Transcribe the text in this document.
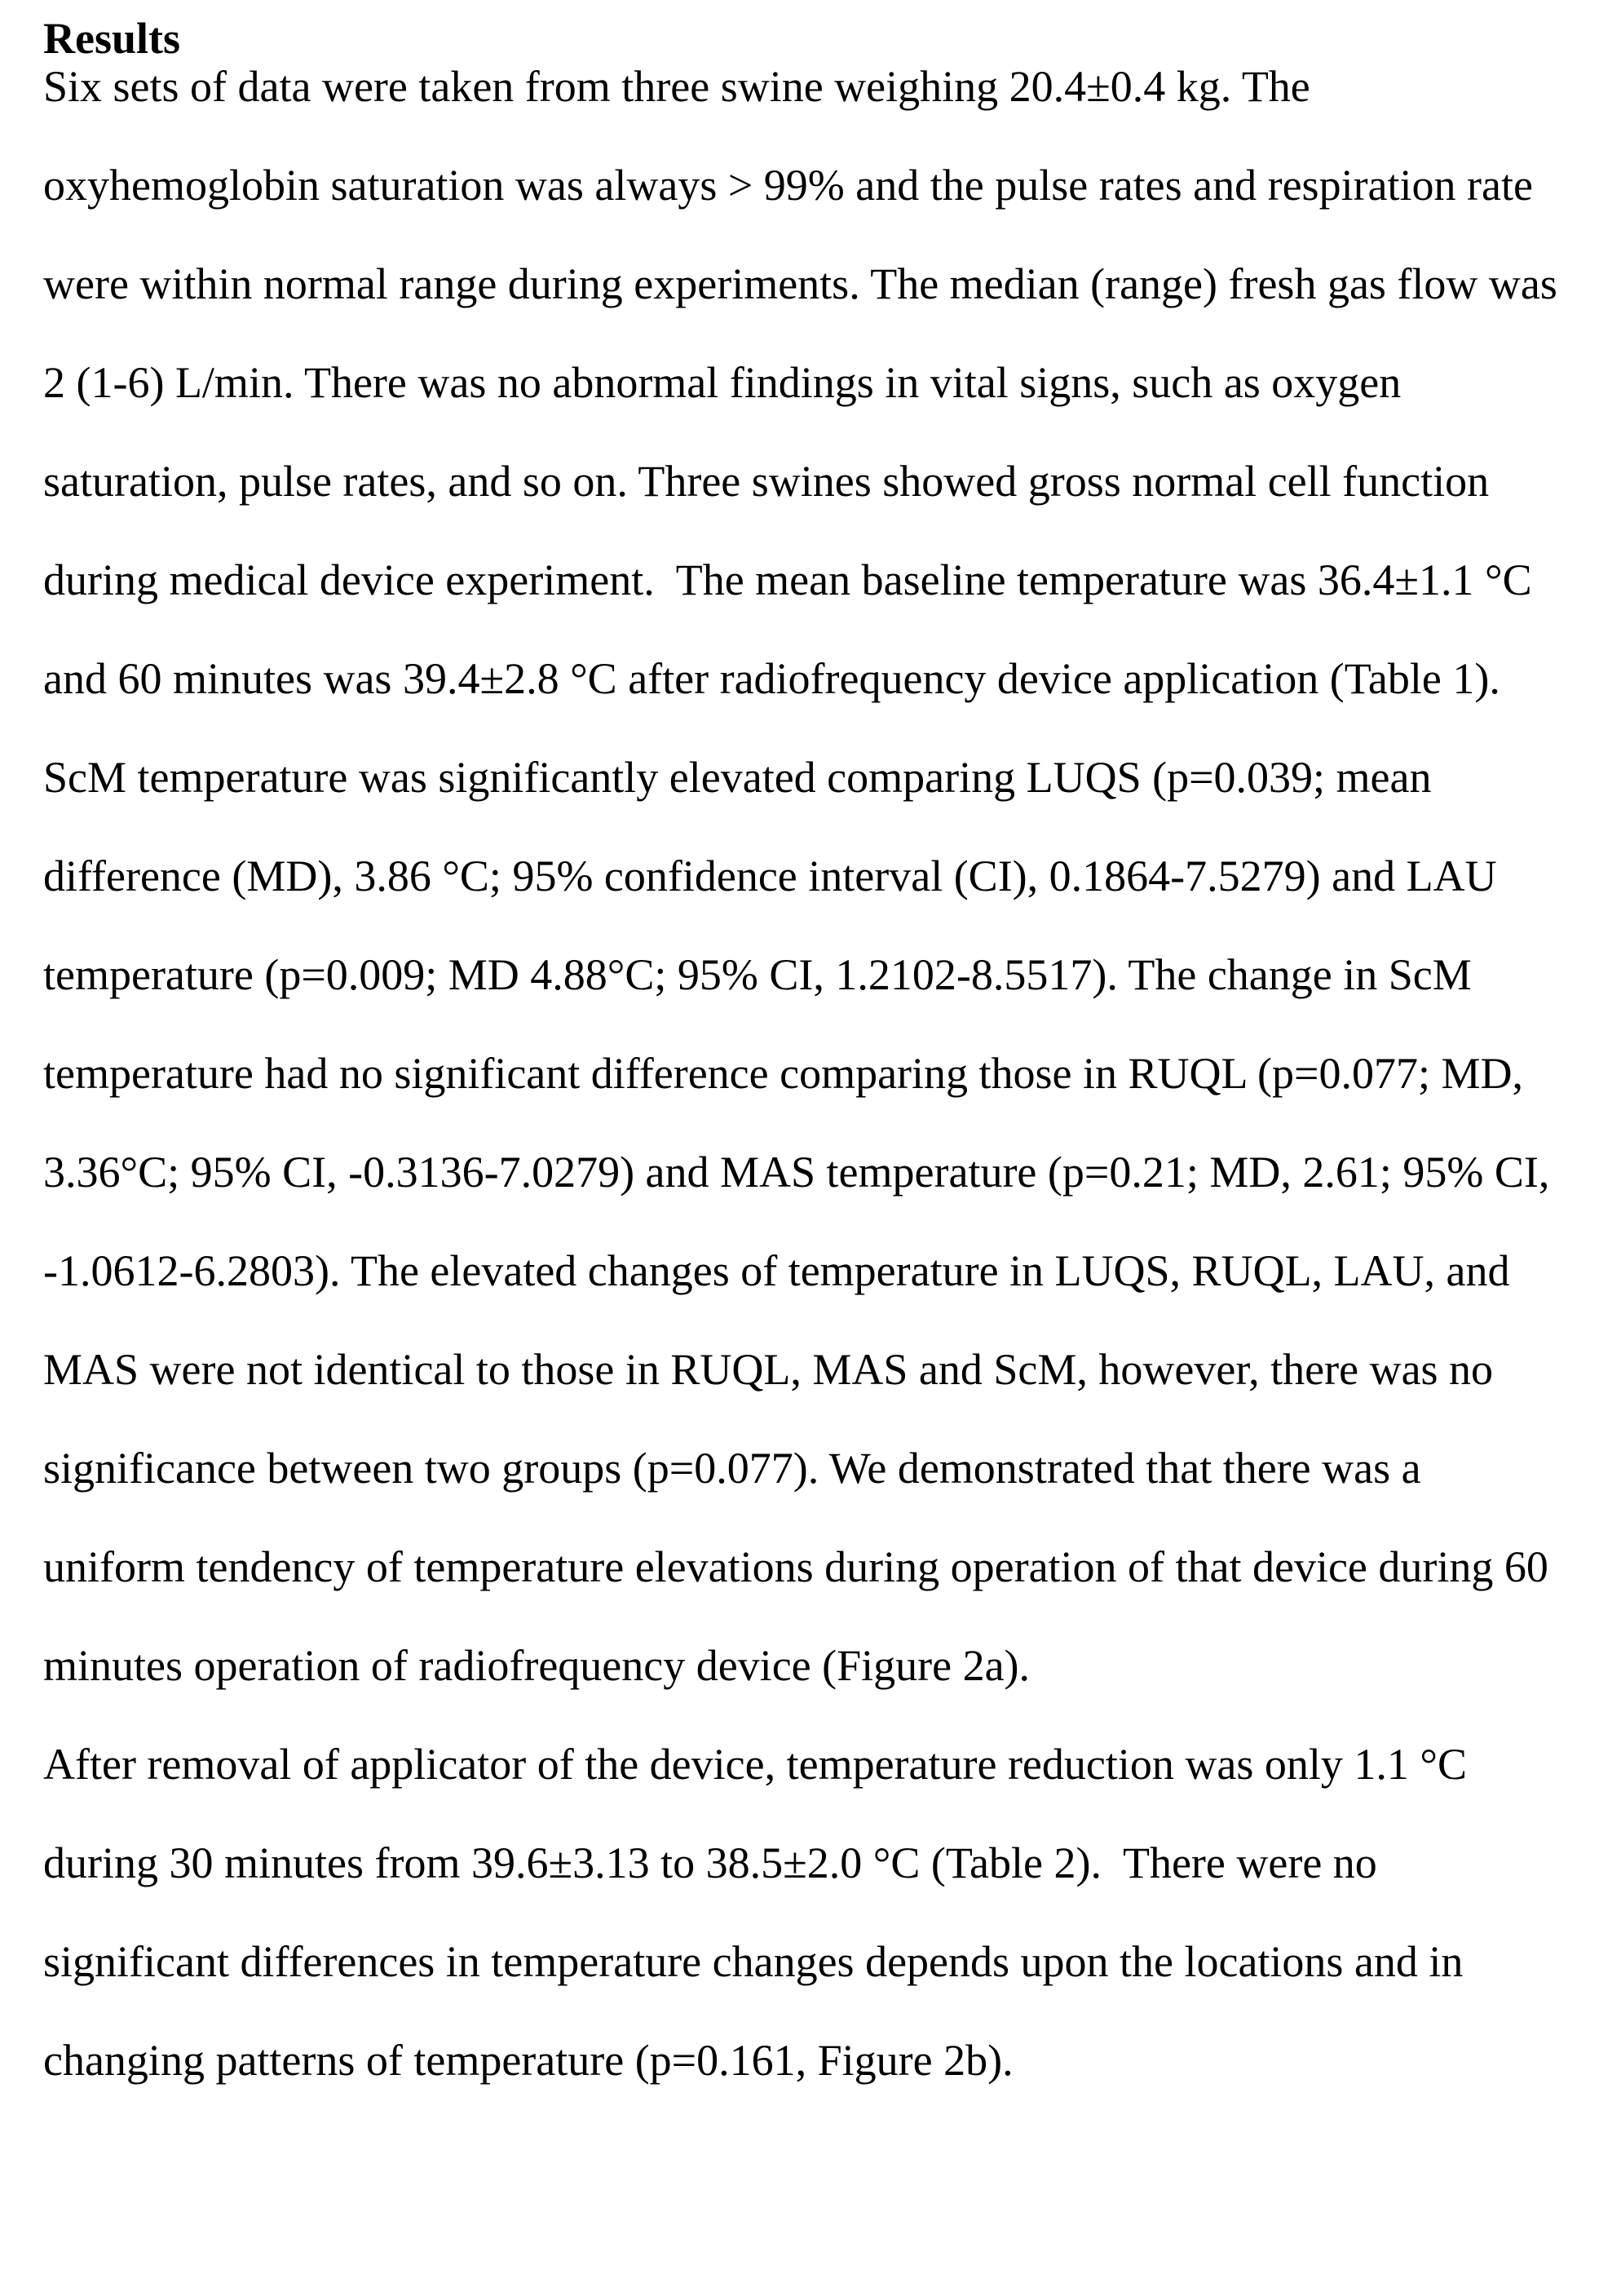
Results
Six sets of data were taken from three swine weighing 20.4±0.4 kg. The
oxyhemoglobin saturation was always > 99% and the pulse rates and respiration rate
were within normal range during experiments. The median (range) fresh gas flow was
2 (1-6) L/min. There was no abnormal findings in vital signs, such as oxygen
saturation, pulse rates, and so on. Three swines showed gross normal cell function
during medical device experiment.  The mean baseline temperature was 36.4±1.1 °C
and 60 minutes was 39.4±2.8 °C after radiofrequency device application (Table 1).
ScM temperature was significantly elevated comparing LUQS (p=0.039; mean
difference (MD), 3.86 °C; 95% confidence interval (CI), 0.1864-7.5279) and LAU
temperature (p=0.009; MD 4.88°C; 95% CI, 1.2102-8.5517). The change in ScM
temperature had no significant difference comparing those in RUQL (p=0.077; MD,
3.36°C; 95% CI, -0.3136-7.0279) and MAS temperature (p=0.21; MD, 2.61; 95% CI,
-1.0612-6.2803). The elevated changes of temperature in LUQS, RUQL, LAU, and
MAS were not identical to those in RUQL, MAS and ScM, however, there was no
significance between two groups (p=0.077). We demonstrated that there was a
uniform tendency of temperature elevations during operation of that device during 60
minutes operation of radiofrequency device (Figure 2a).
After removal of applicator of the device, temperature reduction was only 1.1 °C
during 30 minutes from 39.6±3.13 to 38.5±2.0 °C (Table 2).  There were no
significant differences in temperature changes depends upon the locations and in
changing patterns of temperature (p=0.161, Figure 2b).
